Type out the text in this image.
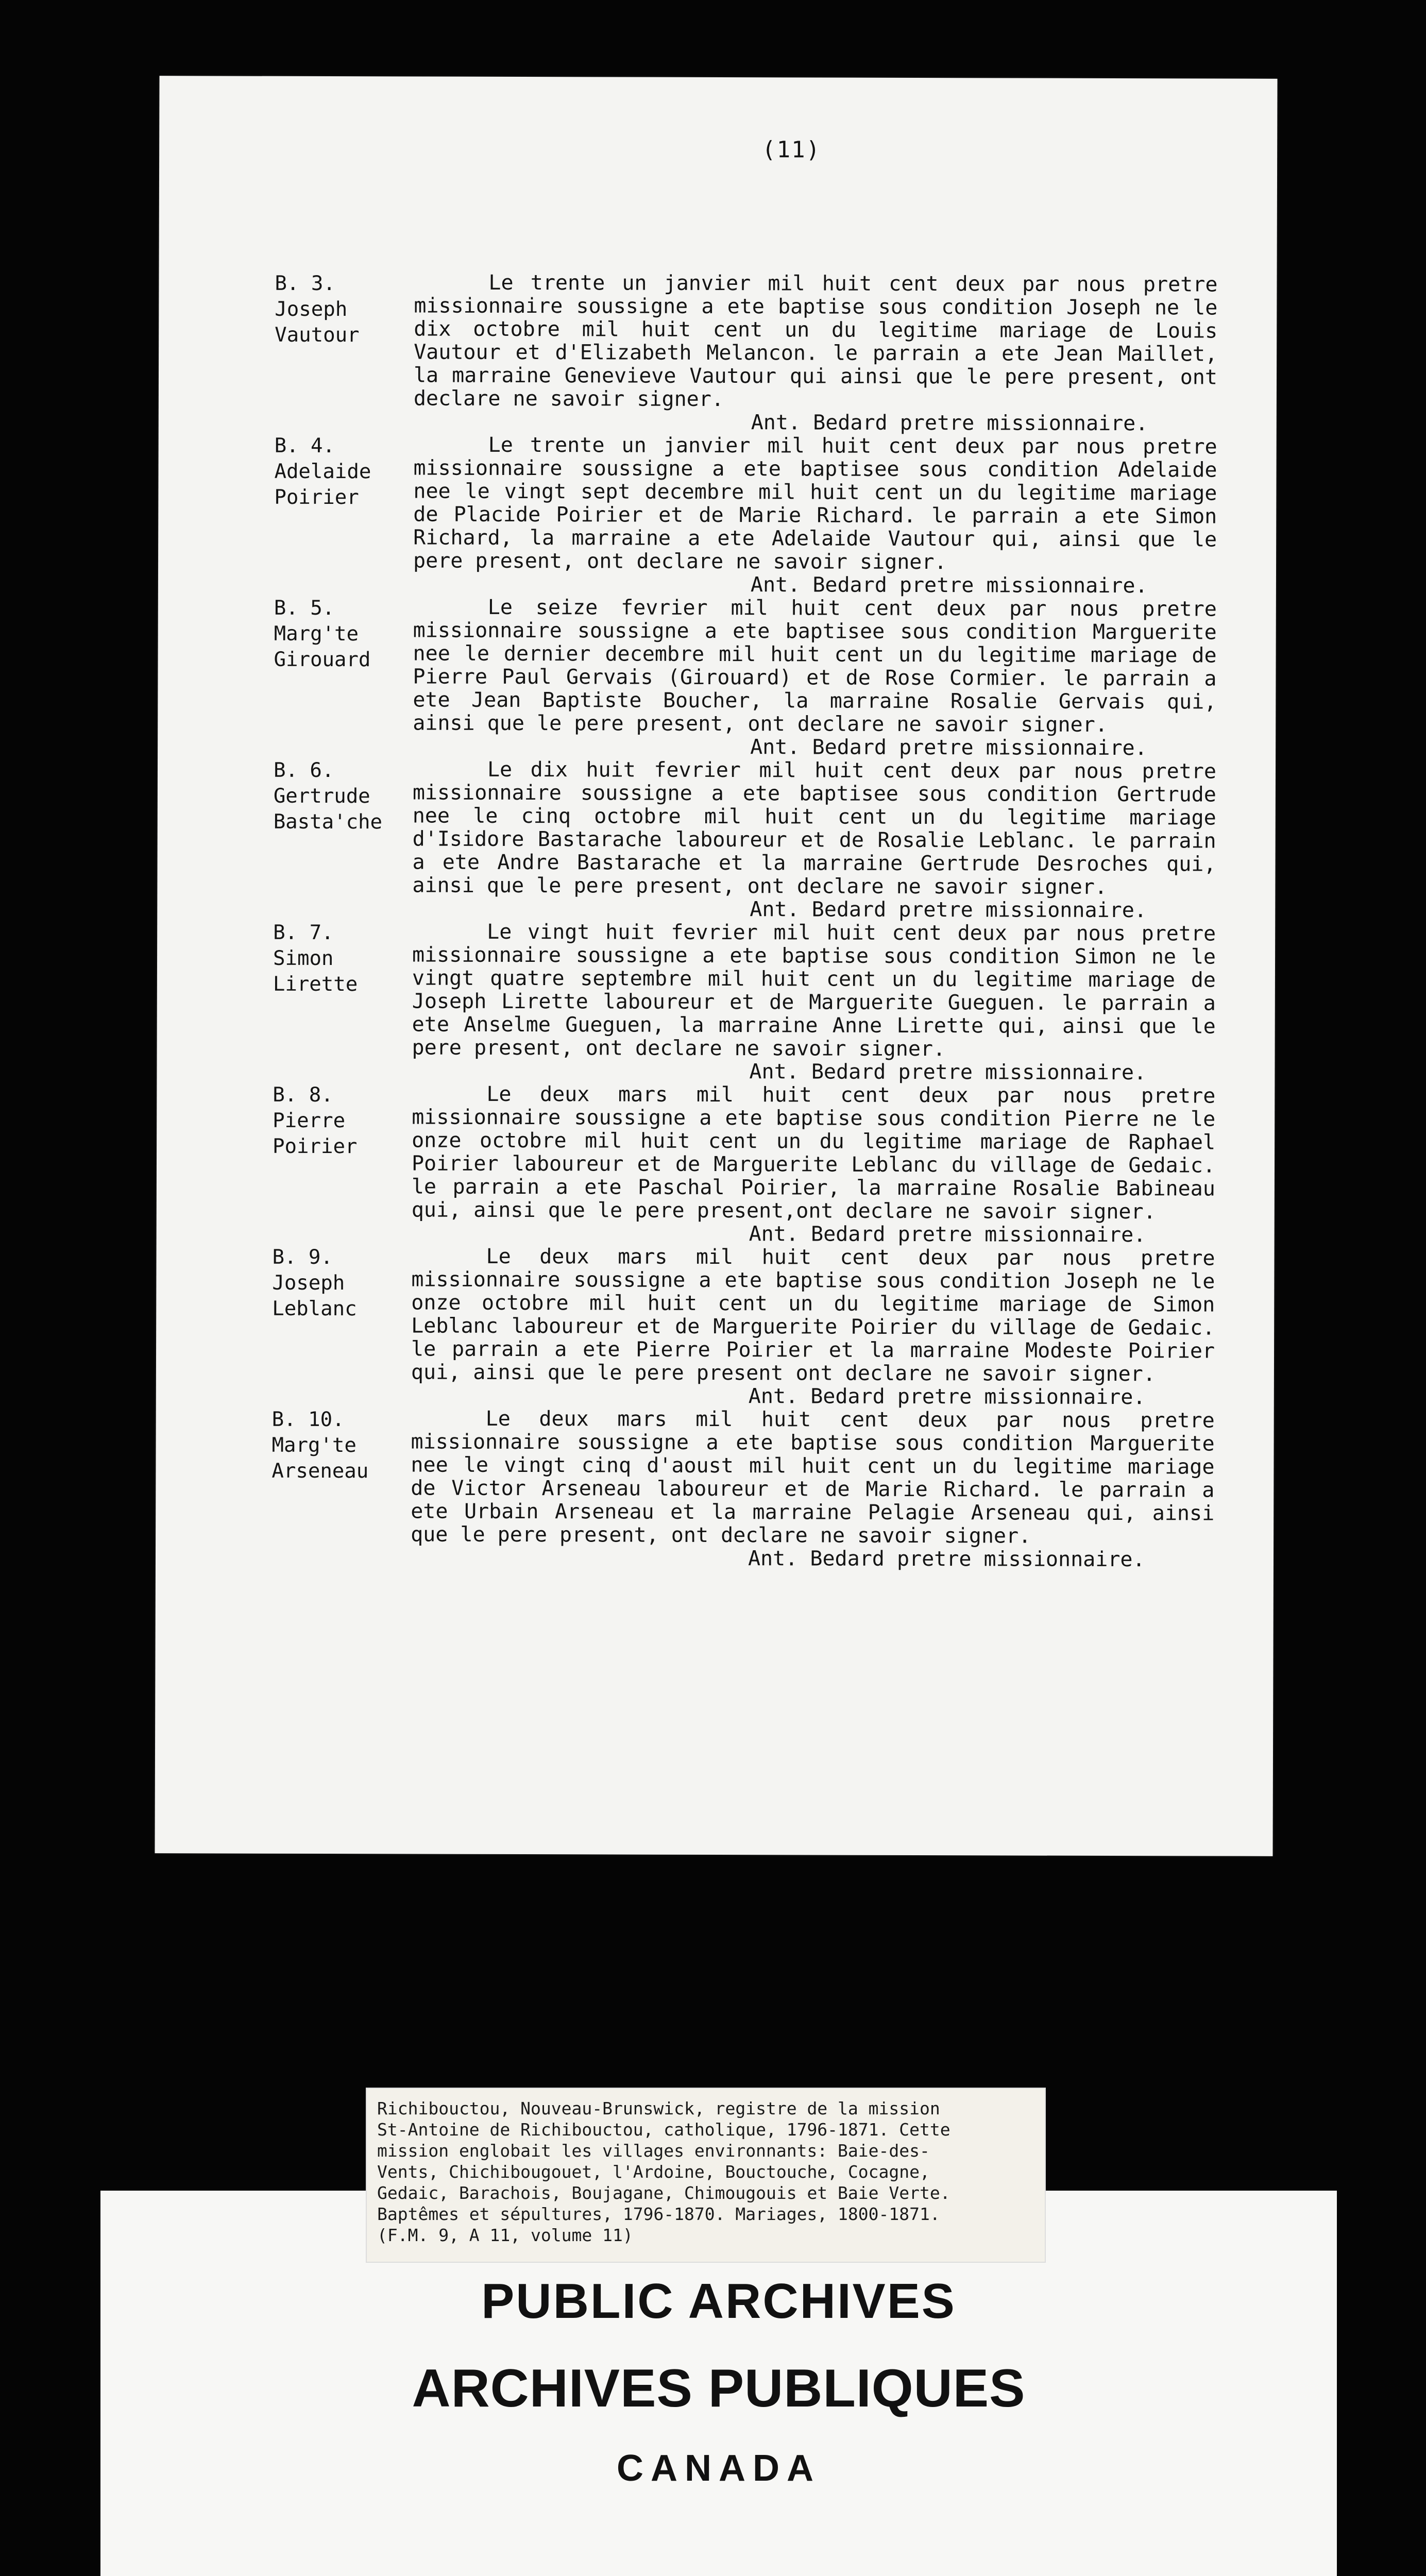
(11)
B. 3.
Joseph
Vautour

Le trente un janvier mil huit cent deux par nous pretre missionnaire soussigne a ete baptise sous condition Joseph ne le dix octobre mil huit cent un du legitime mariage de Louis Vautour et d'Elizabeth Melancon. le parrain a ete Jean Maillet, la marraine Genevieve Vautour qui ainsi que le pere present, ont declare ne savoir signer.

Ant. Bedard pretre missionnaire.
B. 4.
Adelaide
Poirier

Le trente un janvier mil huit cent deux par nous pretre missionnaire soussigne a ete baptisee sous condition Adelaide nee le vingt sept decembre mil huit cent un du legitime mariage de Placide Poirier et de Marie Richard. le parrain a ete Simon Richard, la marraine a ete Adelaide Vautour qui, ainsi que le pere present, ont declare ne savoir signer.

Ant. Bedard pretre missionnaire.
B. 5.
Marg'te
Girouard

Le seize fevrier mil huit cent deux par nous pretre missionnaire soussigne a ete baptisee sous condition Marguerite nee le dernier decembre mil huit cent un du legitime mariage de Pierre Paul Gervais (Girouard) et de Rose Cormier. le parrain a ete Jean Baptiste Boucher, la marraine Rosalie Gervais qui, ainsi que le pere present, ont declare ne savoir signer.

Ant. Bedard pretre missionnaire.
B. 6.
Gertrude
Basta'che

Le dix huit fevrier mil huit cent deux par nous pretre missionnaire soussigne a ete baptisee sous condition Gertrude nee le cinq octobre mil huit cent un du legitime mariage d'Isidore Bastarache laboureur et de Rosalie Leblanc. le parrain a ete Andre Bastarache et la marraine Gertrude Desroches qui, ainsi que le pere present, ont declare ne savoir signer.

Ant. Bedard pretre missionnaire.
B. 7.
Simon
Lirette

Le vingt huit fevrier mil huit cent deux par nous pretre missionnaire soussigne a ete baptise sous condition Simon ne le vingt quatre septembre mil huit cent un du legitime mariage de Joseph Lirette laboureur et de Marguerite Gueguen. le parrain a ete Anselme Gueguen, la marraine Anne Lirette qui, ainsi que le pere present, ont declare ne savoir signer.

Ant. Bedard pretre missionnaire.
B. 8.
Pierre
Poirier

Le deux mars mil huit cent deux par nous pretre missionnaire soussigne a ete baptise sous condition Pierre ne le onze octobre mil huit cent un du legitime mariage de Raphael Poirier laboureur et de Marguerite Leblanc du village de Gedaic. le parrain a ete Paschal Poirier, la marraine Rosalie Babineau qui, ainsi que le pere present,ont declare ne savoir signer.

Ant. Bedard pretre missionnaire.
B. 9.
Joseph
Leblanc

Le deux mars mil huit cent deux par nous pretre missionnaire soussigne a ete baptise sous condition Joseph ne le onze octobre mil huit cent un du legitime mariage de Simon Leblanc laboureur et de Marguerite Poirier du village de Gedaic. le parrain a ete Pierre Poirier et la marraine Modeste Poirier qui, ainsi que le pere present ont declare ne savoir signer.

Ant. Bedard pretre missionnaire.
B. 10.
Marg'te
Arseneau

Le deux mars mil huit cent deux par nous pretre missionnaire soussigne a ete baptise sous condition Marguerite nee le vingt cinq d'aoust mil huit cent un du legitime mariage de Victor Arseneau laboureur et de Marie Richard. le parrain a ete Urbain Arseneau et la marraine Pelagie Arseneau qui, ainsi que le pere present, ont declare ne savoir signer.

Ant. Bedard pretre missionnaire.
PUBLIC ARCHIVES
ARCHIVES PUBLIQUES
CANADA

Richibouctou, Nouveau-Brunswick, registre de la mission

St-Antoine de Richibouctou, catholique, 1796-1871. Cette

mission englobait les villages environnants: Baie-des-

Vents, Chichibougouet, l'Ardoine, Bouctouche, Cocagne,

Gedaic, Barachois, Boujagane, Chimougouis et Baie Verte.

Baptêmes et sépultures, 1796-1870. Mariages, 1800-1871.

(F.M. 9, A 11, volume 11)
